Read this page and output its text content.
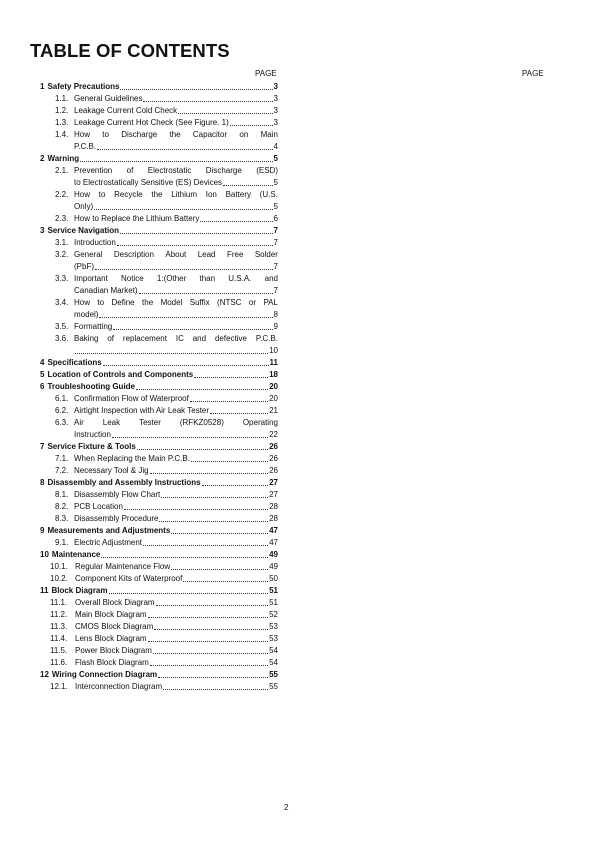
TABLE OF CONTENTS
PAGE	PAGE
1 Safety Precautions	3
1.1. General Guidelines	3
1.2. Leakage Current Cold Check	3
1.3. Leakage Current Hot Check (See Figure. 1)	3
1.4. How to Discharge the Capacitor on Main
P.C.B.	4
2 Warning	5
2.1. Prevention of Electrostatic Discharge (ESD)
to Electrostatically Sensitive (ES) Devices	5
2.2. How to Recycle the Lithium Ion Battery (U.S.
Only)	5
2.3. How to Replace the Lithium Battery	6
3 Service Navigation	7
3.1. Introduction	7
3.2. General Description About Lead Free Solder
(PbF)	7
3.3. Important Notice 1:(Other than U.S.A. and
Canadian Market)	7
3.4. How to Define the Model Suffix (NTSC or PAL
model)	8
3.5. Formatting	9
3.6. Baking of replacement IC and defective P.C.B.
10
4 Specifications	11
5 Location of Controls and Components	18
6 Troubleshooting Guide	20
6.1. Confirmation Flow of Waterproof	20
6.2. Airtight Inspection with Air Leak Tester	21
6.3. Air Leak Tester (RFKZ0528) Operating
Instruction	22
7 Service Fixture & Tools	26
7.1. When Replacing the Main P.C.B.	26
7.2. Necessary Tool & Jig	26
8 Disassembly and Assembly Instructions	27
8.1. Disassembly Flow Chart	27
8.2. PCB Location	28
8.3. Disassembly Procedure	28
9 Measurements and Adjustments	47
9.1. Electric Adjustment	47
10 Maintenance	49
10.1. Regular Maintenance Flow	49
10.2. Component Kits of Waterproof	50
11 Block Diagram	51
11.1. Overall Block Diagram	51
11.2. Main Block Diagram	52
11.3. CMOS Block Diagram	53
11.4. Lens Block Diagram	53
11.5. Power Block Diagram	54
11.6. Flash Block Diagram	54
12 Wiring Connection Diagram	55
12.1. Interconnection Diagram	55
2
